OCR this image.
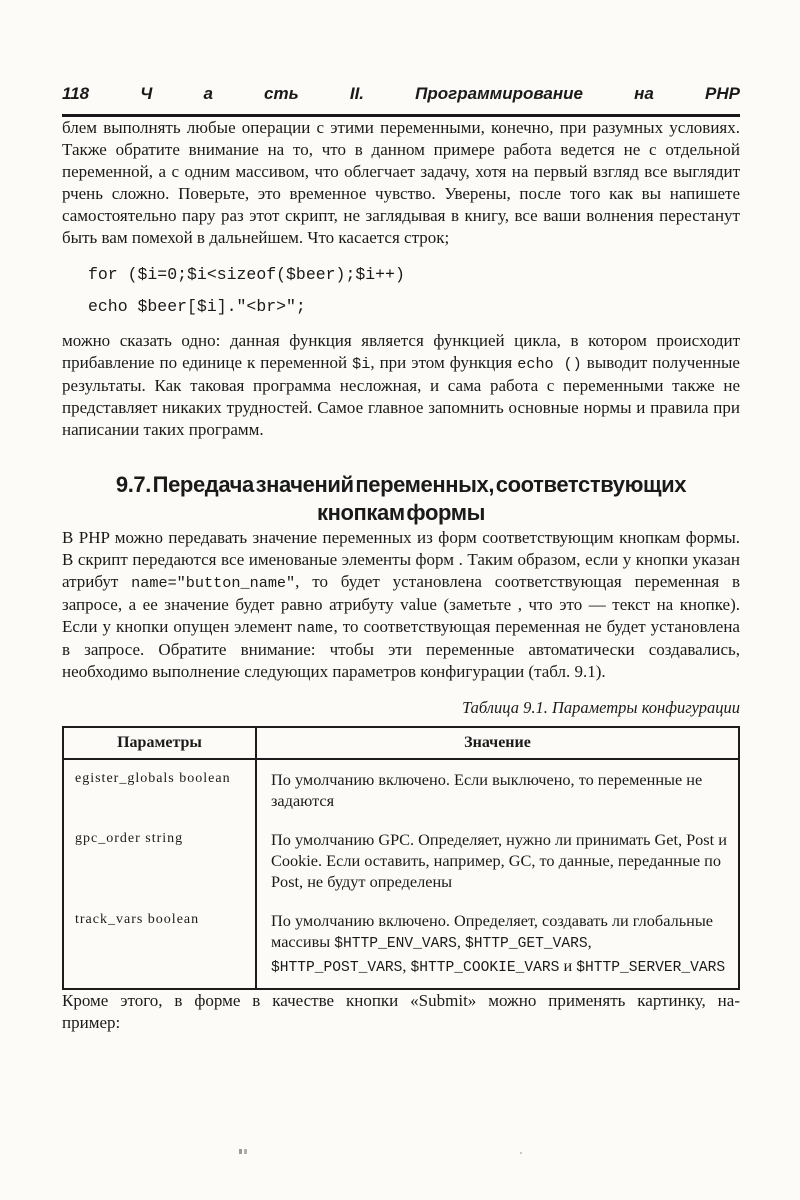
118	Ч	а	сть	II.	Программирование	на	PHP

блем выполнять любые операции с этими переменными, конечно, при разумных условиях. Также обратите внимание на то, что в данном примере работа ведется не с отдельной переменной, а с одним массивом, что облегчает задачу, хотя на первый взгляд все выглядит рчень сложно. Поверьте, это временное чувство. Уверены, после того как вы напишете самостоятельно пару раз этот скрипт, не заглядывая в книгу, все ваши волнения перестанут быть вам помехой в дальнейшем. Что касается строк;

for ($i=0;$i<sizeof($beer);$i++)
echo $beer[$i]."<br>";

можно сказать одно: данная функция является функцией цикла, в котором происходит прибавление по единице к переменной $i, при этом функция echo () выводит полученные результаты. Как таковая программа несложная, и сама работа с переменными также не представляет никаких трудностей. Самое главное запомнить основные нормы и правила при написании таких программ.

9.7. Передача значений переменных, соответствующих
кнопкам формы

В PHP можно передавать значение переменных из форм соответствующим кнопкам формы. В скрипт передаются все именованые элементы форм . Таким образом, если у кнопки указан атрибут name="button_name", то будет установлена соответствующая переменная в запросе, а ее значение будет равно атрибуту value (заметьте , что это — текст на кнопке). Если у кнопки опущен элемент name, то соответствующая переменная не будет установлена в запросе. Обратите внимание: чтобы эти переменные автоматически создавались, необходимо выполнение следующих параметров конфигурации (табл. 9.1).

Таблица 9.1. Параметры конфигурации
Параметры	Значение
egister_globals boolean	По умолчанию включено. Если выключено, то переменные не задаются
gpc_order string	По умолчанию GPC. Определяет, нужно ли принимать Get, Post и Cookie. Если оставить, например, GC, то данные, переданные по Post, не будут определены
track_vars boolean	По умолчанию включено. Определяет, создавать ли глобальные массивы $HTTP_ENV_VARS, $HTTP_GET_VARS, $HTTP_POST_VARS, $HTTP_COOKIE_VARS и $HTTP_SERVER_VARS

Кроме этого, в форме в качестве кнопки «Submit» можно применять картинку, на-
пример:
